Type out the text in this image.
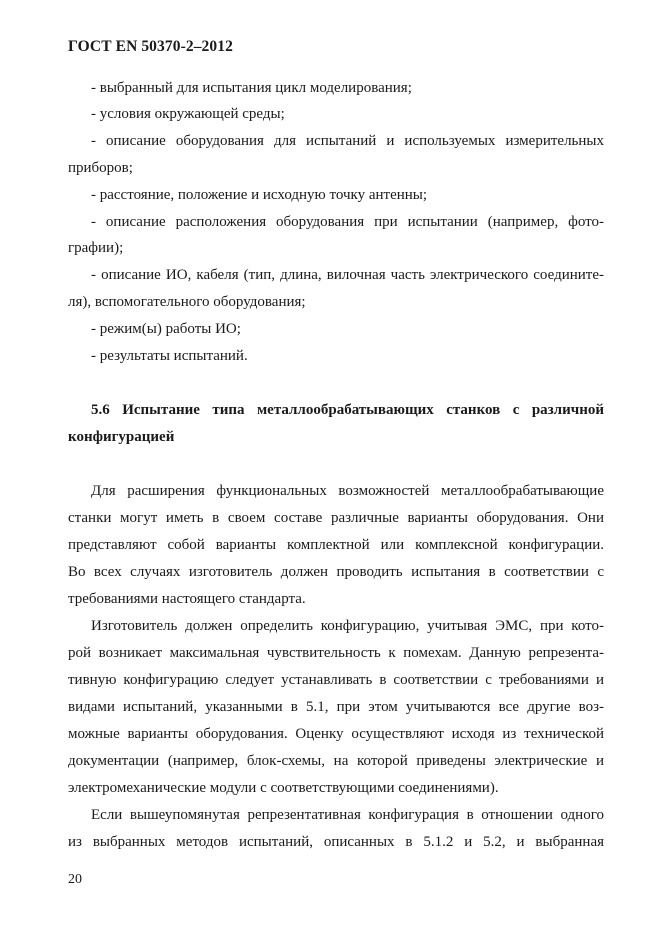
ГОСТ EN 50370-2–2012
- выбранный для испытания цикл моделирования;
- условия окружающей среды;
- описание оборудования для испытаний и используемых измерительных
приборов;
- расстояние, положение и исходную точку антенны;
- описание расположения оборудования при испытании (например, фото-
графии);
- описание ИО, кабеля (тип, длина, вилочная часть электрического соедините-
ля), вспомогательного оборудования;
- режим(ы) работы ИО;
- результаты испытаний.
5.6 Испытание типа металлообрабатывающих станков с различной
конфигурацией
Для расширения функциональных возможностей металлообрабатывающие
станки могут иметь в своем составе различные варианты оборудования. Они
представляют собой варианты комплектной или комплексной конфигурации.
Во всех случаях изготовитель должен проводить испытания в соответствии с
требованиями настоящего стандарта.
Изготовитель должен определить конфигурацию, учитывая ЭМС, при кото-
рой возникает максимальная чувствительность к помехам. Данную репрезента-
тивную конфигурацию следует устанавливать в соответствии с требованиями и
видами испытаний, указанными в 5.1, при этом учитываются все другие воз-
можные варианты оборудования. Оценку осуществляют исходя из технической
документации (например, блок-схемы, на которой приведены электрические и
электромеханические модули с соответствующими соединениями).
Если вышеупомянутая репрезентативная конфигурация в отношении одного
из выбранных методов испытаний, описанных в 5.1.2 и 5.2, и выбранная
20
